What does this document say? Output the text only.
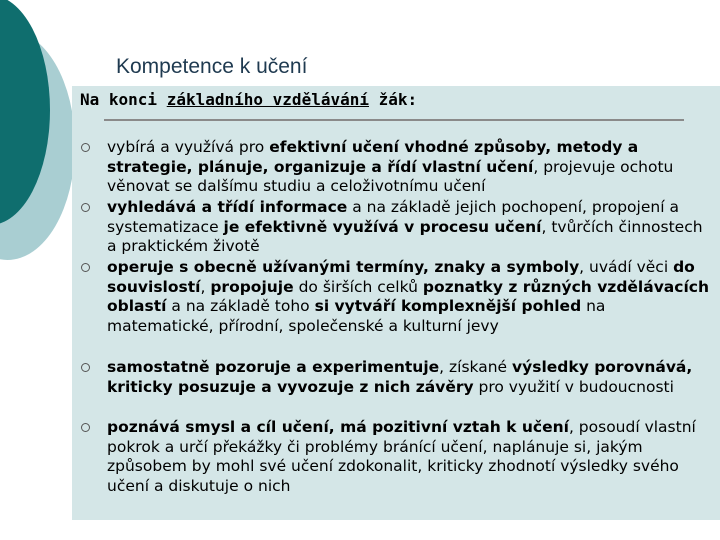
Kompetence k učení
Na konci základního vzdělávání žák:
vybírá a využívá pro efektivní učení vhodné způsoby, metody a strategie, plánuje, organizuje a řídí vlastní učení, projevuje ochotu věnovat se dalšímu studiu a celoživotnímu učení
vyhledává a třídí informace a na základě jejich pochopení, propojení a systematizace je efektivně využívá v procesu učení, tvůrčích činnostech a praktickém životě
operuje s obecně užívanými termíny, znaky a symboly, uvádí věci do souvislostí, propojuje do širších celků poznatky z různých vzdělávacích oblastí a na základě toho si vytváří komplexnější pohled na matematické, přírodní, společenské a kulturní jevy
samostatně pozoruje a experimentuje, získané výsledky porovnává, kriticky posuzuje a vyvozuje z nich závěry pro využití v budoucnosti
poznává smysl a cíl učení, má pozitivní vztah k učení, posoudí vlastní pokrok a určí překážky či problémy bránící učení, naplánuje si, jakým způsobem by mohl své učení zdokonalit, kriticky zhodnotí výsledky svého učení a diskutuje o nich
